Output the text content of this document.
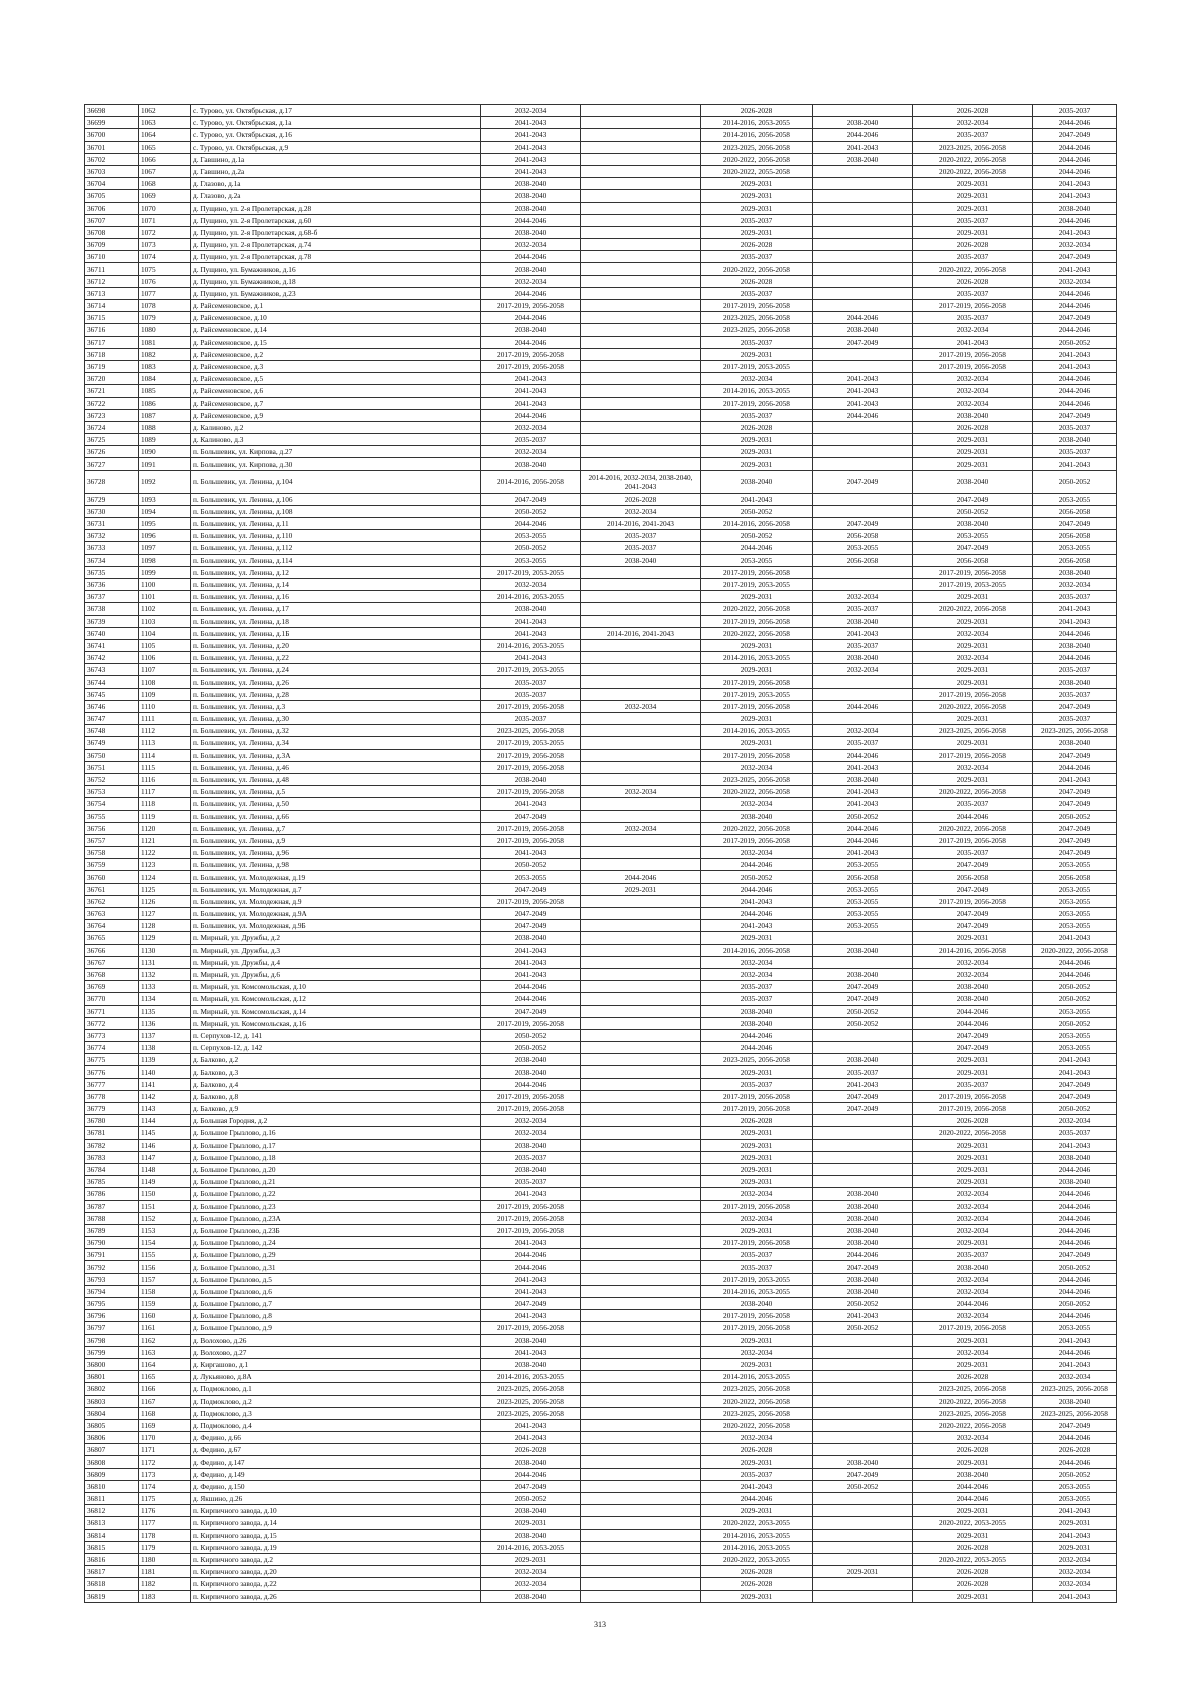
36698	1062	с. Турово, ул. Октябрьская, д.17	2032-2034		2026-2028		2026-2028	2035-2037
36699	1063	с. Турово, ул. Октябрьская, д.1а	2041-2043		2014-2016, 2053-2055	2038-2040	2032-2034	2044-2046
36700	1064	с. Турово, ул. Октябрьская, д.16	2041-2043		2014-2016, 2056-2058	2044-2046	2035-2037	2047-2049
36701	1065	с. Турово, ул. Октябрьская, д.9	2041-2043		2023-2025, 2056-2058	2041-2043	2023-2025, 2056-2058	2044-2046
36702	1066	д. Гавшино, д.1а	2041-2043		2020-2022, 2056-2058	2038-2040	2020-2022, 2056-2058	2044-2046
36703	1067	д. Гавшино, д.2а	2041-2043		2020-2022, 2055-2058		2020-2022, 2056-2058	2044-2046
36704	1068	д. Глазово, д.1а	2038-2040		2029-2031		2029-2031	2041-2043
36705	1069	д. Глазово, д.2а	2038-2040		2029-2031		2029-2031	2041-2043
36706	1070	д. Пущино, ул. 2-я Пролетарская, д.28	2038-2040		2029-2031		2029-2031	2038-2040
36707	1071	д. Пущино, ул. 2-я Пролетарская, д.60	2044-2046		2035-2037		2035-2037	2044-2046
36708	1072	д. Пущино, ул. 2-я Пролетарская, д.68-б	2038-2040		2029-2031		2029-2031	2041-2043
36709	1073	д. Пущино, ул. 2-я Пролетарская, д.74	2032-2034		2026-2028		2026-2028	2032-2034
36710	1074	д. Пущино, ул. 2-я Пролетарская, д.78	2044-2046		2035-2037		2035-2037	2047-2049
36711	1075	д. Пущино, ул. Бумажников, д.16	2038-2040		2020-2022, 2056-2058		2020-2022, 2056-2058	2041-2043
36712	1076	д. Пущино, ул. Бумажников, д.18	2032-2034		2026-2028		2026-2028	2032-2034
36713	1077	д. Пущино, ул. Бумажников, д.23	2044-2046		2035-2037		2035-2037	2044-2046
36714	1078	д. Райсеменовское, д.1	2017-2019, 2056-2058		2017-2019, 2056-2058		2017-2019, 2056-2058	2044-2046
36715	1079	д. Райсеменовское, д.10	2044-2046		2023-2025, 2056-2058	2044-2046	2035-2037	2047-2049
36716	1080	д. Райсеменовское, д.14	2038-2040		2023-2025, 2056-2058	2038-2040	2032-2034	2044-2046
36717	1081	д. Райсеменовское, д.15	2044-2046		2035-2037	2047-2049	2041-2043	2050-2052
36718	1082	д. Райсеменовское, д.2	2017-2019, 2056-2058		2029-2031		2017-2019, 2056-2058	2041-2043
36719	1083	д. Райсеменовское, д.3	2017-2019, 2056-2058		2017-2019, 2053-2055		2017-2019, 2056-2058	2041-2043
36720	1084	д. Райсеменовское, д.5	2041-2043		2032-2034	2041-2043	2032-2034	2044-2046
36721	1085	д. Райсеменовское, д.6	2041-2043		2014-2016, 2053-2055	2041-2043	2032-2034	2044-2046
36722	1086	д. Райсеменовское, д.7	2041-2043		2017-2019, 2056-2058	2041-2043	2032-2034	2044-2046
36723	1087	д. Райсеменовское, д.9	2044-2046		2035-2037	2044-2046	2038-2040	2047-2049
36724	1088	д. Калиново, д.2	2032-2034		2026-2028		2026-2028	2035-2037
36725	1089	д. Калиново, д.3	2035-2037		2029-2031		2029-2031	2038-2040
36726	1090	п. Большевик, ул. Кирпова, д.27	2032-2034		2029-2031		2029-2031	2035-2037
36727	1091	п. Большевик, ул. Кирпова, д.30	2038-2040		2029-2031		2029-2031	2041-2043
36728	1092	п. Большевик, ул. Ленина, д.104	2014-2016, 2056-2058	2014-2016, 2032-2034, 2038-2040, 2041-2043	2038-2040	2047-2049	2038-2040	2050-2052
36729	1093	п. Большевик, ул. Ленина, д.106	2047-2049	2026-2028	2041-2043		2047-2049	2053-2055
36730	1094	п. Большевик, ул. Ленина, д.108	2050-2052	2032-2034	2050-2052		2050-2052	2056-2058
36731	1095	п. Большевик, ул. Ленина, д.11	2044-2046	2014-2016, 2041-2043	2014-2016, 2056-2058	2047-2049	2038-2040	2047-2049
36732	1096	п. Большевик, ул. Ленина, д.110	2053-2055	2035-2037	2050-2052	2056-2058	2053-2055	2056-2058
36733	1097	п. Большевик, ул. Ленина, д.112	2050-2052	2035-2037	2044-2046	2053-2055	2047-2049	2053-2055
36734	1098	п. Большевик, ул. Ленина, д.114	2053-2055	2038-2040	2053-2055	2056-2058	2056-2058	2056-2058
36735	1099	п. Большевик, ул. Ленина, д.12	2017-2019, 2053-2055		2017-2019, 2056-2058		2017-2019, 2056-2058	2038-2040
36736	1100	п. Большевик, ул. Ленина, д.14	2032-2034		2017-2019, 2053-2055		2017-2019, 2053-2055	2032-2034
36737	1101	п. Большевик, ул. Ленина, д.16	2014-2016, 2053-2055		2029-2031	2032-2034	2029-2031	2035-2037
36738	1102	п. Большевик, ул. Ленина, д.17	2038-2040		2020-2022, 2056-2058	2035-2037	2020-2022, 2056-2058	2041-2043
36739	1103	п. Большевик, ул. Ленина, д.18	2041-2043		2017-2019, 2056-2058	2038-2040	2029-2031	2041-2043
36740	1104	п. Большевик, ул. Ленина, д.1Б	2041-2043	2014-2016, 2041-2043	2020-2022, 2056-2058	2041-2043	2032-2034	2044-2046
36741	1105	п. Большевик, ул. Ленина, д.20	2014-2016, 2053-2055		2029-2031	2035-2037	2029-2031	2038-2040
36742	1106	п. Большевик, ул. Ленина, д.22	2041-2043		2014-2016, 2053-2055	2038-2040	2032-2034	2044-2046
36743	1107	п. Большевик, ул. Ленина, д.24	2017-2019, 2053-2055		2029-2031	2032-2034	2029-2031	2035-2037
36744	1108	п. Большевик, ул. Ленина, д.26	2035-2037		2017-2019, 2056-2058		2029-2031	2038-2040
36745	1109	п. Большевик, ул. Ленина, д.28	2035-2037		2017-2019, 2053-2055		2017-2019, 2056-2058	2035-2037
36746	1110	п. Большевик, ул. Ленина, д.3	2017-2019, 2056-2058	2032-2034	2017-2019, 2056-2058	2044-2046	2020-2022, 2056-2058	2047-2049
36747	1111	п. Большевик, ул. Ленина, д.30	2035-2037		2029-2031		2029-2031	2035-2037
36748	1112	п. Большевик, ул. Ленина, д.32	2023-2025, 2056-2058		2014-2016, 2053-2055	2032-2034	2023-2025, 2056-2058	2023-2025, 2056-2058
36749	1113	п. Большевик, ул. Ленина, д.34	2017-2019, 2053-2055		2029-2031	2035-2037	2029-2031	2038-2040
36750	1114	п. Большевик, ул. Ленина, д.3А	2017-2019, 2056-2058		2017-2019, 2056-2058	2044-2046	2017-2019, 2056-2058	2047-2049
36751	1115	п. Большевик, ул. Ленина, д.46	2017-2019, 2056-2058		2032-2034	2041-2043	2032-2034	2044-2046
36752	1116	п. Большевик, ул. Ленина, д.48	2038-2040		2023-2025, 2056-2058	2038-2040	2029-2031	2041-2043
36753	1117	п. Большевик, ул. Ленина, д.5	2017-2019, 2056-2058	2032-2034	2020-2022, 2056-2058	2041-2043	2020-2022, 2056-2058	2047-2049
36754	1118	п. Большевик, ул. Ленина, д.50	2041-2043		2032-2034	2041-2043	2035-2037	2047-2049
36755	1119	п. Большевик, ул. Ленина, д.66	2047-2049		2038-2040	2050-2052	2044-2046	2050-2052
36756	1120	п. Большевик, ул. Ленина, д.7	2017-2019, 2056-2058	2032-2034	2020-2022, 2056-2058	2044-2046	2020-2022, 2056-2058	2047-2049
36757	1121	п. Большевик, ул. Ленина, д.9	2017-2019, 2056-2058		2017-2019, 2056-2058	2044-2046	2017-2019, 2056-2058	2047-2049
36758	1122	п. Большевик, ул. Ленина, д.96	2041-2043		2032-2034	2041-2043	2035-2037	2047-2049
36759	1123	п. Большевик, ул. Ленина, д.98	2050-2052		2044-2046	2053-2055	2047-2049	2053-2055
36760	1124	п. Большевик, ул. Молодежная, д.19	2053-2055	2044-2046	2050-2052	2056-2058	2056-2058	2056-2058
36761	1125	п. Большевик, ул. Молодежная, д.7	2047-2049	2029-2031	2044-2046	2053-2055	2047-2049	2053-2055
36762	1126	п. Большевик, ул. Молодежная, д.9	2017-2019, 2056-2058		2041-2043	2053-2055	2017-2019, 2056-2058	2053-2055
36763	1127	п. Большевик, ул. Молодежная, д.9А	2047-2049		2044-2046	2053-2055	2047-2049	2053-2055
36764	1128	п. Большевик, ул. Молодежная, д.9Б	2047-2049		2041-2043	2053-2055	2047-2049	2053-2055
36765	1129	п. Мирный, ул. Дружбы, д.2	2038-2040		2029-2031		2029-2031	2041-2043
36766	1130	п. Мирный, ул. Дружбы, д.3	2041-2043		2014-2016, 2056-2058	2038-2040	2014-2016, 2056-2058	2020-2022, 2056-2058
36767	1131	п. Мирный, ул. Дружбы, д.4	2041-2043		2032-2034		2032-2034	2044-2046
36768	1132	п. Мирный, ул. Дружбы, д.6	2041-2043		2032-2034	2038-2040	2032-2034	2044-2046
36769	1133	п. Мирный, ул. Комсомольская, д.10	2044-2046		2035-2037	2047-2049	2038-2040	2050-2052
36770	1134	п. Мирный, ул. Комсомольская, д.12	2044-2046		2035-2037	2047-2049	2038-2040	2050-2052
36771	1135	п. Мирный, ул. Комсомольская, д.14	2047-2049		2038-2040	2050-2052	2044-2046	2053-2055
36772	1136	п. Мирный, ул. Комсомольская, д.16	2017-2019, 2056-2058		2038-2040	2050-2052	2044-2046	2050-2052
36773	1137	п. Серпухов-12, д. 141	2050-2052		2044-2046		2047-2049	2053-2055
36774	1138	п. Серпухов-12, д. 142	2050-2052		2044-2046		2047-2049	2053-2055
36775	1139	д. Балково, д.2	2038-2040		2023-2025, 2056-2058	2038-2040	2029-2031	2041-2043
36776	1140	д. Балково, д.3	2038-2040		2029-2031	2035-2037	2029-2031	2041-2043
36777	1141	д. Балково, д.4	2044-2046		2035-2037	2041-2043	2035-2037	2047-2049
36778	1142	д. Балково, д.8	2017-2019, 2056-2058		2017-2019, 2056-2058	2047-2049	2017-2019, 2056-2058	2047-2049
36779	1143	д. Балково, д.9	2017-2019, 2056-2058		2017-2019, 2056-2058	2047-2049	2017-2019, 2056-2058	2050-2052
36780	1144	д. Большая Городня, д.2	2032-2034		2026-2028		2026-2028	2032-2034
36781	1145	д. Большое Грызлово, д.16	2032-2034		2029-2031		2020-2022, 2056-2058	2035-2037
36782	1146	д. Большое Грызлово, д.17	2038-2040		2029-2031		2029-2031	2041-2043
36783	1147	д. Большое Грызлово, д.18	2035-2037		2029-2031		2029-2031	2038-2040
36784	1148	д. Большое Грызлово, д.20	2038-2040		2029-2031		2029-2031	2044-2046
36785	1149	д. Большое Грызлово, д.21	2035-2037		2029-2031		2029-2031	2038-2040
36786	1150	д. Большое Грызлово, д.22	2041-2043		2032-2034	2038-2040	2032-2034	2044-2046
36787	1151	д. Большое Грызлово, д.23	2017-2019, 2056-2058		2017-2019, 2056-2058	2038-2040	2032-2034	2044-2046
36788	1152	д. Большое Грызлово, д.23А	2017-2019, 2056-2058		2032-2034	2038-2040	2032-2034	2044-2046
36789	1153	д. Большое Грызлово, д.23Б	2017-2019, 2056-2058		2029-2031	2038-2040	2032-2034	2044-2046
36790	1154	д. Большое Грызлово, д.24	2041-2043		2017-2019, 2056-2058	2038-2040	2029-2031	2044-2046
36791	1155	д. Большое Грызлово, д.29	2044-2046		2035-2037	2044-2046	2035-2037	2047-2049
36792	1156	д. Большое Грызлово, д.31	2044-2046		2035-2037	2047-2049	2038-2040	2050-2052
36793	1157	д. Большое Грызлово, д.5	2041-2043		2017-2019, 2053-2055	2038-2040	2032-2034	2044-2046
36794	1158	д. Большое Грызлово, д.6	2041-2043		2014-2016, 2053-2055	2038-2040	2032-2034	2044-2046
36795	1159	д. Большое Грызлово, д.7	2047-2049		2038-2040	2050-2052	2044-2046	2050-2052
36796	1160	д. Большое Грызлово, д.8	2041-2043		2017-2019, 2056-2058	2041-2043	2032-2034	2044-2046
36797	1161	д. Большое Грызлово, д.9	2017-2019, 2056-2058		2017-2019, 2056-2058	2050-2052	2017-2019, 2056-2058	2053-2055
36798	1162	д. Волохово, д.26	2038-2040		2029-2031		2029-2031	2041-2043
36799	1163	д. Волохово, д.27	2041-2043		2032-2034		2032-2034	2044-2046
36800	1164	д. Киргашово, д.1	2038-2040		2029-2031		2029-2031	2041-2043
36801	1165	д. Лукьяново, д.8А	2014-2016, 2053-2055		2014-2016, 2053-2055		2026-2028	2032-2034
36802	1166	д. Подмоклово, д.1	2023-2025, 2056-2058		2023-2025, 2056-2058		2023-2025, 2056-2058	2023-2025, 2056-2058
36803	1167	д. Подмоклово, д.2	2023-2025, 2056-2058		2020-2022, 2056-2058		2020-2022, 2056-2058	2038-2040
36804	1168	д. Подмоклово, д.3	2023-2025, 2056-2058		2023-2025, 2056-2058		2023-2025, 2056-2058	2023-2025, 2056-2058
36805	1169	д. Подмоклово, д.4	2041-2043		2020-2022, 2056-2058		2020-2022, 2056-2058	2047-2049
36806	1170	д. Федино, д.66	2041-2043		2032-2034		2032-2034	2044-2046
36807	1171	д. Федино, д.67	2026-2028		2026-2028		2026-2028	2026-2028
36808	1172	д. Федино, д.147	2038-2040		2029-2031	2038-2040	2029-2031	2044-2046
36809	1173	д. Федино, д.149	2044-2046		2035-2037	2047-2049	2038-2040	2050-2052
36810	1174	д. Федино, д.150	2047-2049		2041-2043	2050-2052	2044-2046	2053-2055
36811	1175	д. Якшино, д.26	2050-2052		2044-2046		2044-2046	2053-2055
36812	1176	п. Кирпичного завода, д.10	2038-2040		2029-2031		2029-2031	2041-2043
36813	1177	п. Кирпичного завода, д.14	2029-2031		2020-2022, 2053-2055		2020-2022, 2053-2055	2029-2031
36814	1178	п. Кирпичного завода, д.15	2038-2040		2014-2016, 2053-2055		2029-2031	2041-2043
36815	1179	п. Кирпичного завода, д.19	2014-2016, 2053-2055		2014-2016, 2053-2055		2026-2028	2029-2031
36816	1180	п. Кирпичного завода, д.2	2029-2031		2020-2022, 2053-2055		2020-2022, 2053-2055	2032-2034
36817	1181	п. Кирпичного завода, д.20	2032-2034		2026-2028	2029-2031	2026-2028	2032-2034
36818	1182	п. Кирпичного завода, д.22	2032-2034		2026-2028		2026-2028	2032-2034
36819	1183	п. Кирпичного завода, д.26	2038-2040		2029-2031		2029-2031	2041-2043
313
